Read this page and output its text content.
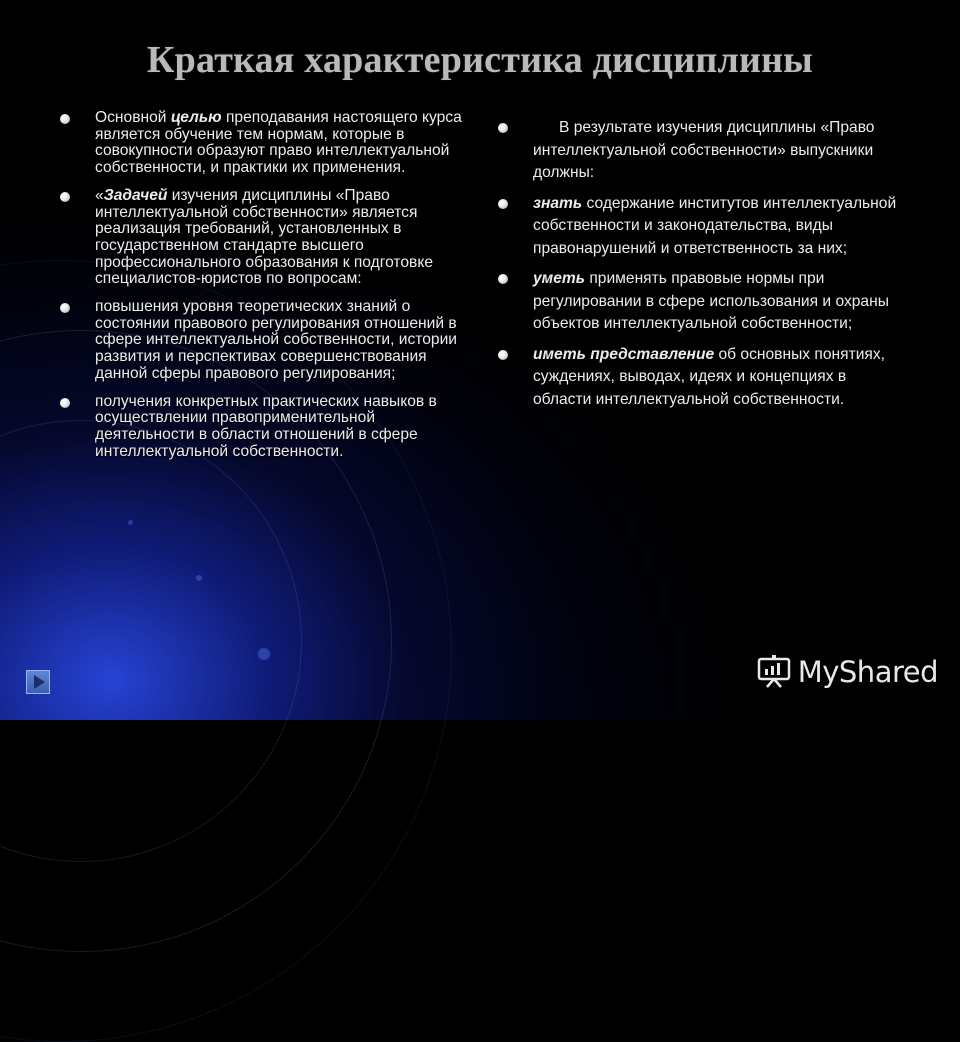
Краткая характеристика дисциплины
Основной целью преподавания настоящего курса является обучение тем нормам, которые в совокупности образуют право интеллектуальной собственности, и практики их применения.
«Задачей изучения дисциплины «Право интеллектуальной собственности» является реализация требований, установленных в государственном стандарте высшего профессионального образования к подготовке специалистов-юристов по вопросам:
повышения уровня теоретических знаний о состоянии правового регулирования отношений в сфере интеллектуальной собственности, истории развития и перспективах совершенствования данной сферы правового регулирования;
получения конкретных практических навыков в осуществлении правоприменительной деятельности в области отношений в сфере интеллектуальной собственности.
В результате изучения дисциплины «Право интеллектуальной собственности» выпускники должны:
знать содержание институтов интеллектуальной собственности и законодательства, виды правонарушений и ответственность за них;
уметь применять правовые нормы при регулировании в сфере использования и охраны объектов интеллектуальной собственности;
иметь представление об основных понятиях, суждениях, выводах, идеях и концепциях в области интеллектуальной собственности.
MyShared
